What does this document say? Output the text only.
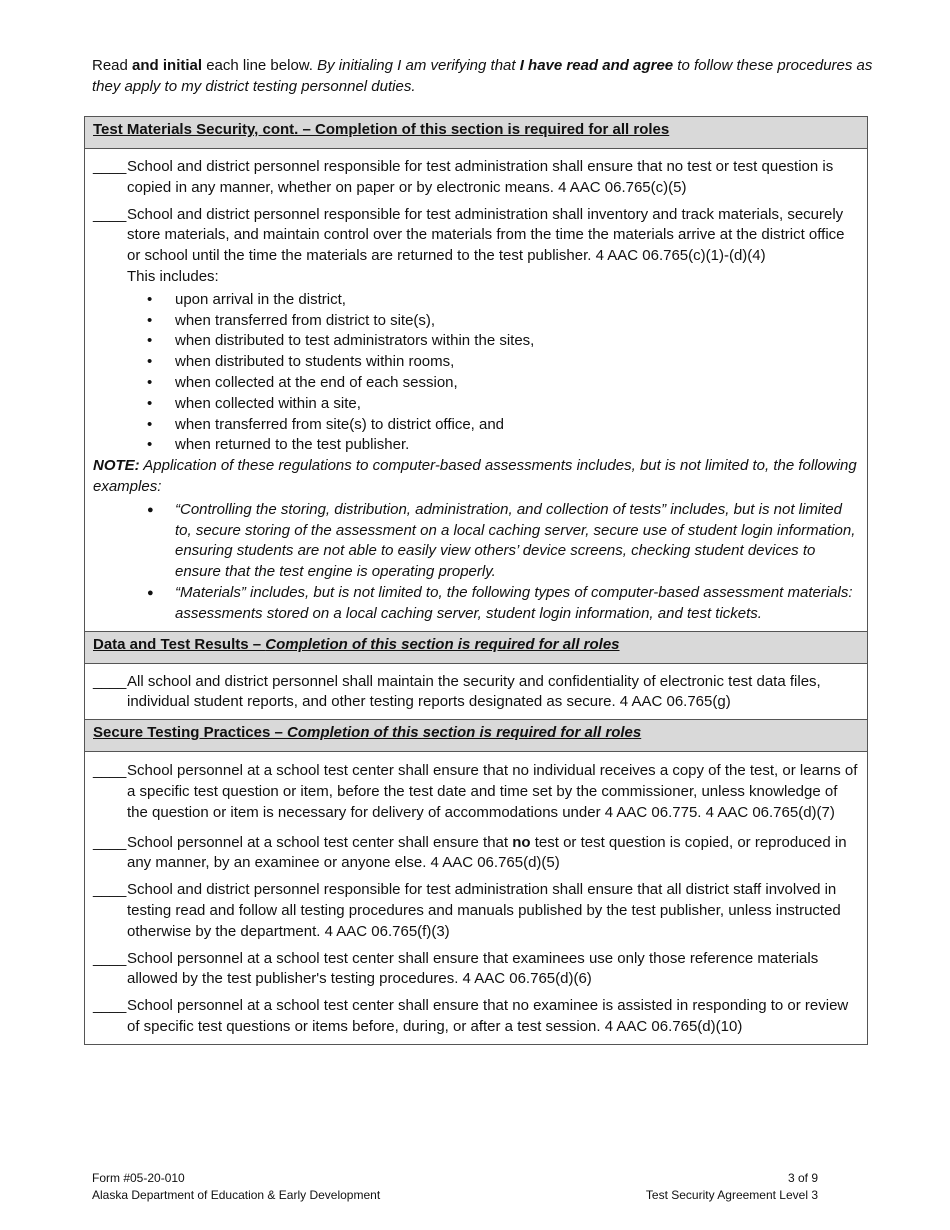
Read and initial each line below. By initialing I am verifying that I have read and agree to follow these procedures as they apply to my district testing personnel duties.
Test Materials Security, cont. – Completion of this section is required for all roles
____ School and district personnel responsible for test administration shall ensure that no test or test question is copied in any manner, whether on paper or by electronic means. 4 AAC 06.765(c)(5)
____ School and district personnel responsible for test administration shall inventory and track materials, securely store materials, and maintain control over the materials from the time the materials arrive at the district office or school until the time the materials are returned to the test publisher. 4 AAC 06.765(c)(1)-(d)(4)
This includes:
• upon arrival in the district,
• when transferred from district to site(s),
• when distributed to test administrators within the sites,
• when distributed to students within rooms,
• when collected at the end of each session,
• when collected within a site,
• when transferred from site(s) to district office, and
• when returned to the test publisher.
NOTE: Application of these regulations to computer-based assessments includes, but is not limited to, the following examples:
● “Controlling the storing, distribution, administration, and collection of tests” includes, but is not limited to, secure storing of the assessment on a local caching server, secure use of student login information, ensuring students are not able to easily view others’ device screens, checking student devices to ensure that the test engine is operating properly.
● “Materials” includes, but is not limited to, the following types of computer-based assessment materials: assessments stored on a local caching server, student login information, and test tickets.
Data and Test Results – Completion of this section is required for all roles
____ All school and district personnel shall maintain the security and confidentiality of electronic test data files, individual student reports, and other testing reports designated as secure. 4 AAC 06.765(g)
Secure Testing Practices – Completion of this section is required for all roles
____ School personnel at a school test center shall ensure that no individual receives a copy of the test, or learns of a specific test question or item, before the test date and time set by the commissioner, unless knowledge of the question or item is necessary for delivery of accommodations under 4 AAC 06.775. 4 AAC 06.765(d)(7)
____ School personnel at a school test center shall ensure that no test or test question is copied, or reproduced in any manner, by an examinee or anyone else. 4 AAC 06.765(d)(5)
____ School and district personnel responsible for test administration shall ensure that all district staff involved in testing read and follow all testing procedures and manuals published by the test publisher, unless instructed otherwise by the department. 4 AAC 06.765(f)(3)
____ School personnel at a school test center shall ensure that examinees use only those reference materials allowed by the test publisher's testing procedures. 4 AAC 06.765(d)(6)
____ School personnel at a school test center shall ensure that no examinee is assisted in responding to or review of specific test questions or items before, during, or after a test session. 4 AAC 06.765(d)(10)
Form #05-20-010
Alaska Department of Education & Early Development
3 of 9
Test Security Agreement Level 3
